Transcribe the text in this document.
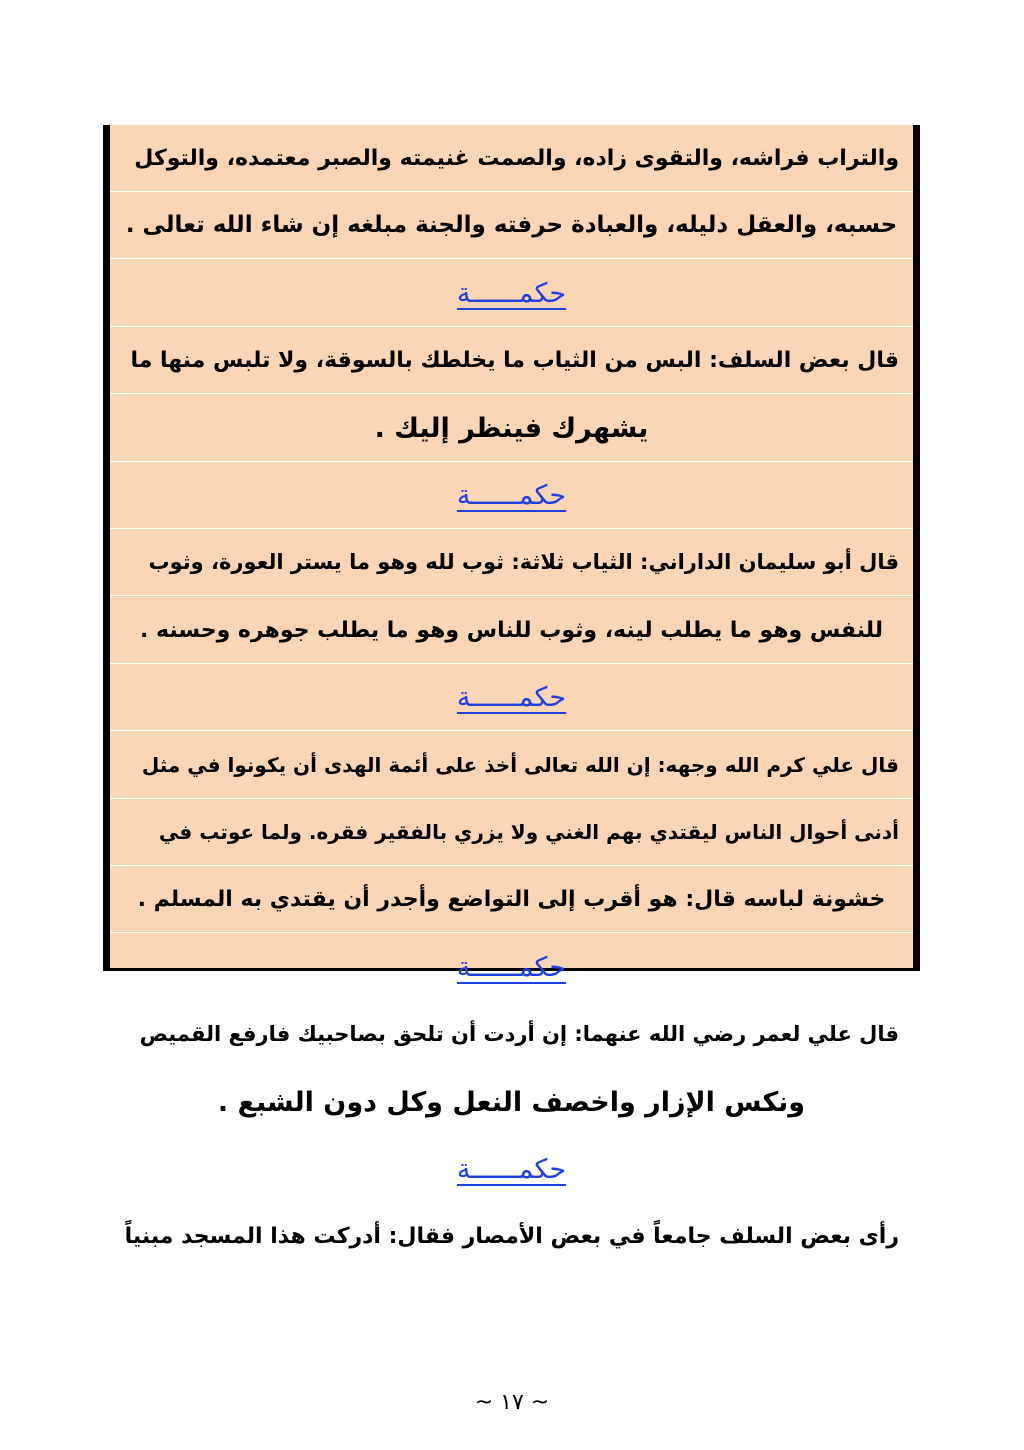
والتراب فراشه، والتقوى زاده، والصمت غنيمته والصبر معتمده، والتوكل
حسبه، والعقل دليله، والعبادة حرفته والجنة مبلغه إن شاء الله تعالى .
حكمــــــة
قال بعض السلف: البس من الثياب ما يخلطك بالسوقة، ولا تلبس منها ما
يشهرك فينظر إليك .
حكمــــــة
قال أبو سليمان الداراني: الثياب ثلاثة: ثوب لله وهو ما يستر العورة، وثوب
للنفس وهو ما يطلب لينه، وثوب للناس وهو ما يطلب جوهره وحسنه .
حكمــــــة
قال علي كرم الله وجهه: إن الله تعالى أخذ على أئمة الهدى أن يكونوا في مثل
أدنى أحوال الناس ليقتدي بهم الغني ولا يزري بالفقير فقره. ولما عوتب في
خشونة لباسه قال: هو أقرب إلى التواضع وأجدر أن يقتدي به المسلم .
حكمــــــة
قال علي لعمر رضي الله عنهما: إن أردت أن تلحق بصاحبيك فارفع القميص
ونكس الإزار واخصف النعل وكل دون الشبع .
حكمــــــة
رأى بعض السلف جامعاً في بعض الأمصار فقال: أدركت هذا المسجد مبنياً
~ ١٧ ~
